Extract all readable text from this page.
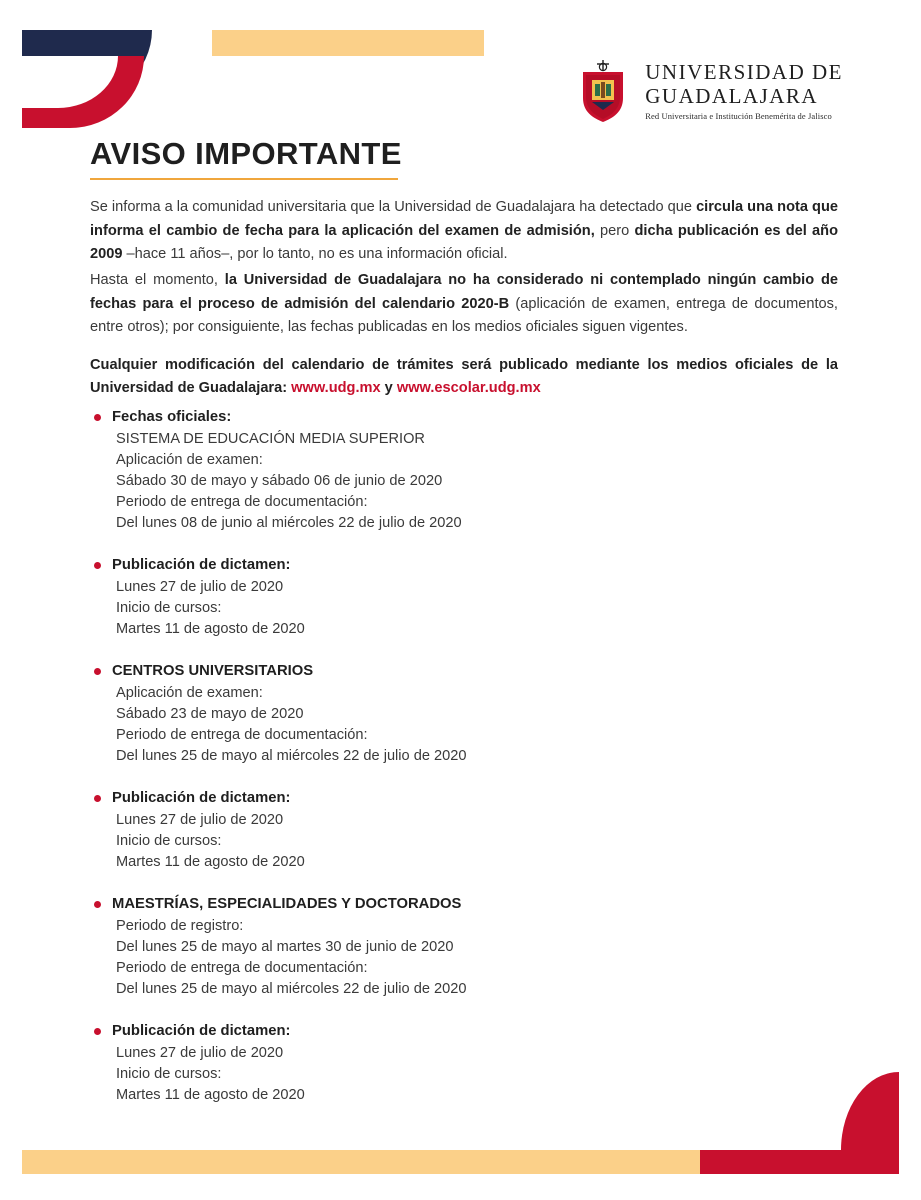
UNIVERSIDAD DE
GUADALAJARA
Red Universitaria e Institución Benemérita de Jalisco
AVISO IMPORTANTE

Se informa a la comunidad universitaria que la Universidad de Guadalajara ha detectado que circula una nota que informa el cambio de fecha para la aplicación del examen de admisión, pero dicha publicación es del año 2009 –hace 11 años–, por lo tanto, no es una información oficial.

Hasta el momento, la Universidad de Guadalajara no ha considerado ni contemplado ningún cambio de fechas para el proceso de admisión del calendario 2020-B (aplicación de examen, entrega de documentos, entre otros); por consiguiente, las fechas publicadas en los medios oficiales siguen vigentes.

Cualquier modificación del calendario de trámites será publicado mediante los medios oficiales de la Universidad de Guadalajara: www.udg.mx y www.escolar.udg.mx

Fechas oficiales:
SISTEMA DE EDUCACIÓN MEDIA SUPERIOR
Aplicación de examen:
Sábado 30 de mayo y sábado 06 de junio de 2020
Periodo de entrega de documentación:
Del lunes 08 de junio al miércoles 22 de julio de 2020
Publicación de dictamen:
Lunes 27 de julio de 2020
Inicio de cursos:
Martes 11 de agosto de 2020
CENTROS UNIVERSITARIOS
Aplicación de examen:
Sábado 23 de mayo de 2020
Periodo de entrega de documentación:
Del lunes 25 de mayo al miércoles 22 de julio de 2020
Publicación de dictamen:
Lunes 27 de julio de 2020
Inicio de cursos:
Martes 11 de agosto de 2020
MAESTRÍAS, ESPECIALIDADES Y DOCTORADOS
Periodo de registro:
Del lunes 25 de mayo al martes 30 de junio de 2020
Periodo de entrega de documentación:
Del lunes 25 de mayo al miércoles 22 de julio de 2020
Publicación de dictamen:
Lunes 27 de julio de 2020
Inicio de cursos:
Martes 11 de agosto de 2020
